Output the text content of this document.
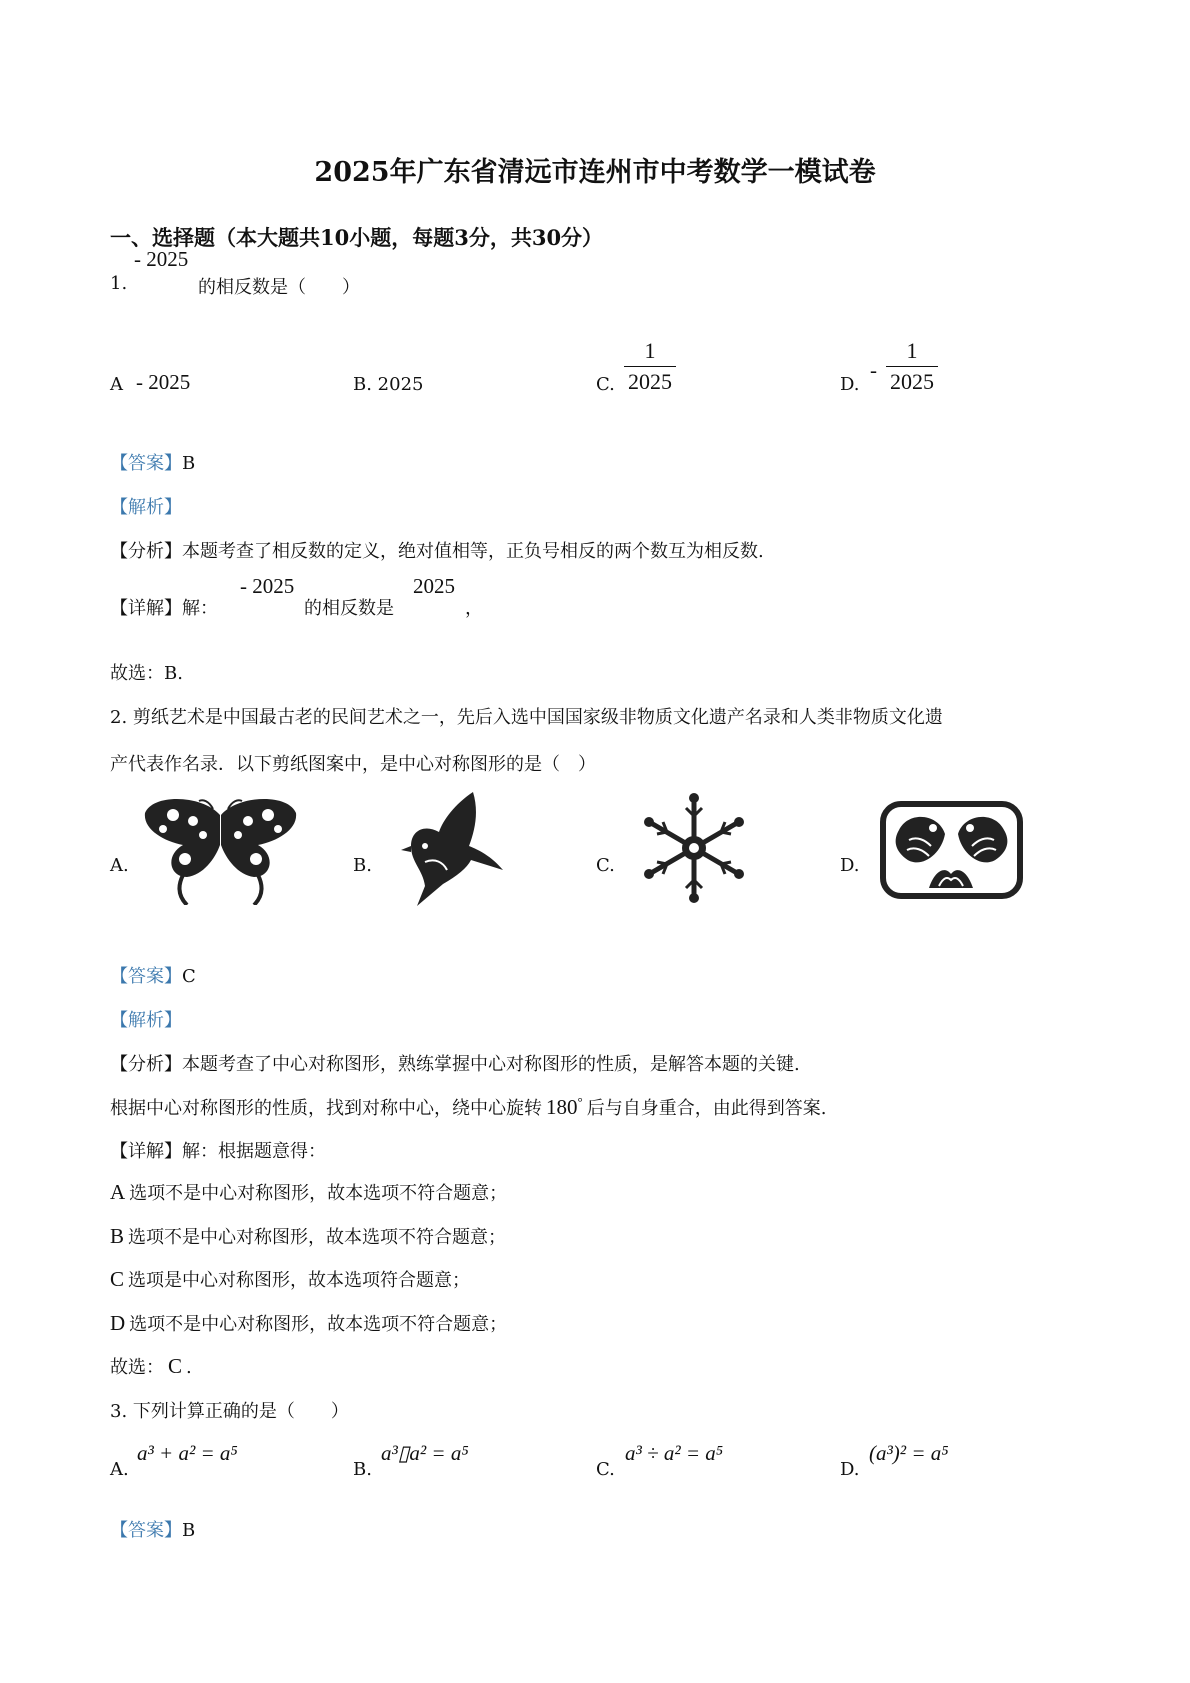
2025年广东省清远市连州市中考数学一模试卷
一、选择题（本大题共10小题，每题3分，共30分）
- 2025
1.	的相反数是（　　）
A - 2025	B. 2025	C. $\frac{1}{2025}$	D.
- $\frac{1}{2025}$
【答案】B
【解析】
【分析】本题考查了相反数的定义，绝对值相等，正负号相反的两个数互为相反数.
【详解】解：
- 2025
的相反数是
2025
，
故选：B.
2. 剪纸艺术是中国最古老的民间艺术之一，先后入选中国国家级非物质文化遗产名录和人类非物质文化遗
产代表作名录．以下剪纸图案中，是中心对称图形的是（　）
A.	B.	C.	D.
【答案】C
【解析】
【分析】本题考查了中心对称图形，熟练掌握中心对称图形的性质，是解答本题的关键.
根据中心对称图形的性质，找到对称中心，绕中心旋转 180° 后与自身重合，由此得到答案.
【详解】解：根据题意得：
A 选项不是中心对称图形，故本选项不符合题意；
B 选项不是中心对称图形，故本选项不符合题意；
C 选项是中心对称图形，故本选项符合题意；
D 选项不是中心对称图形，故本选项不符合题意；
故选： C .
3. 下列计算正确的是（　　）
A.
a³ + a² = a⁵
B.
a³▯a² = a⁵
C.
a³ ÷ a² = a⁵
D.
(a³)² = a⁵
【答案】B
